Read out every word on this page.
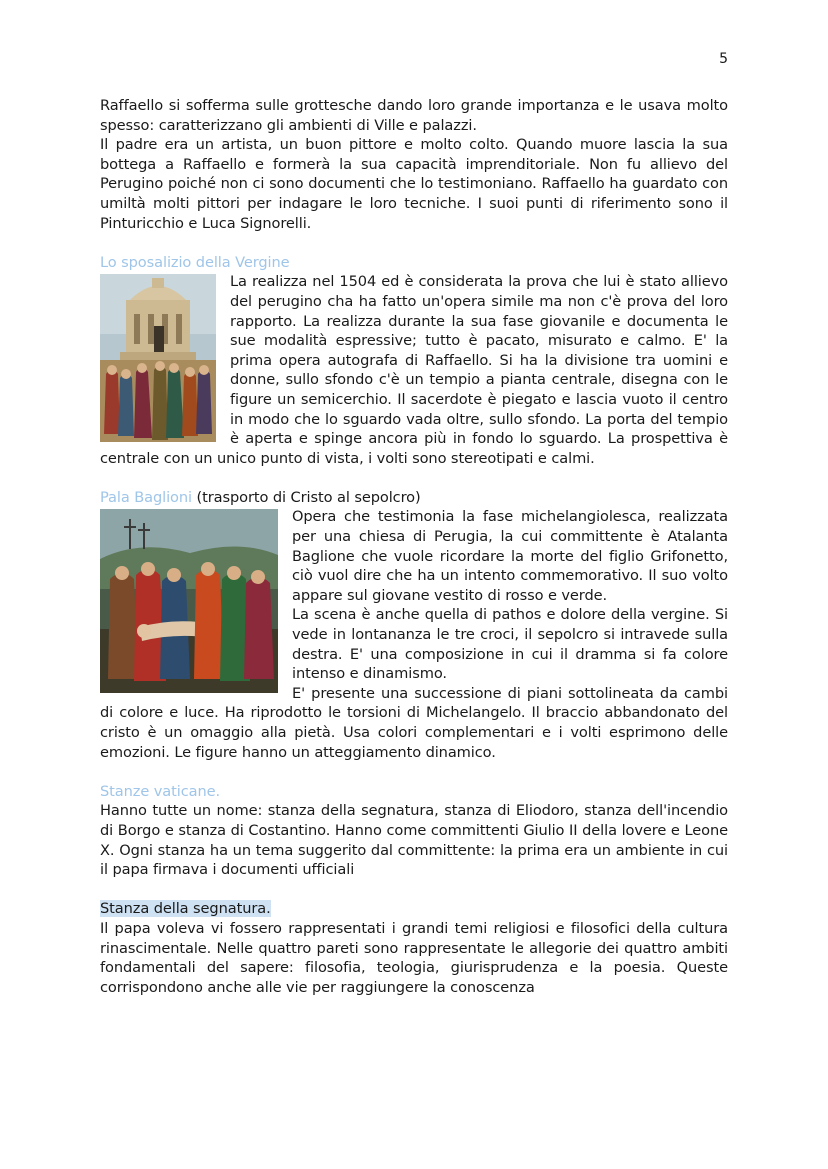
5

Raffaello si sofferma sulle grottesche dando loro grande importanza e le usava molto spesso: caratterizzano gli ambienti di Ville e palazzi.

Il padre era un artista, un buon pittore e molto colto. Quando muore lascia la sua bottega a Raffaello e formerà la sua capacità imprenditoriale. Non fu allievo del Perugino poiché non ci sono documenti che lo testimoniano. Raffaello ha guardato con umiltà molti pittori per indagare le loro tecniche. I suoi punti di riferimento sono il Pinturicchio e Luca Signorelli.

Lo sposalizio della Vergine

La realizza nel 1504 ed è considerata la prova che lui è stato allievo del perugino cha ha fatto un'opera simile ma non c'è prova del loro rapporto. La realizza durante la sua fase giovanile e documenta le sue modalità espressive; tutto è pacato, misurato e calmo. E' la prima opera autografa di Raffaello. Si ha la divisione tra uomini e donne, sullo sfondo c'è un tempio a pianta centrale, disegna con le figure un semicerchio. Il sacerdote è piegato e lascia vuoto il centro in modo che lo sguardo vada oltre, sullo sfondo. La porta del tempio è aperta e spinge ancora più in fondo lo sguardo. La prospettiva è centrale con un unico punto di vista, i volti sono stereotipati e calmi.

Pala Baglioni (trasporto di Cristo al sepolcro)

Opera che testimonia la fase michelangiolesca, realizzata per una chiesa di Perugia, la cui committente è Atalanta Baglione che vuole ricordare la morte del figlio Grifonetto, ciò vuol dire che ha un intento commemorativo. Il suo volto appare sul giovane vestito di rosso e verde.

La scena è anche quella di pathos e dolore della vergine. Si vede in lontananza le tre croci, il sepolcro si intravede sulla destra. E' una composizione in cui il dramma si fa colore intenso e dinamismo.

E' presente una successione di piani sottolineata da cambi di colore e luce. Ha riprodotto le torsioni di Michelangelo. Il braccio abbandonato del cristo è un omaggio alla pietà. Usa colori complementari e i volti esprimono delle emozioni. Le figure hanno un atteggiamento dinamico.

Stanze vaticane.

Hanno tutte un nome: stanza della segnatura, stanza di Eliodoro, stanza dell'incendio di Borgo e stanza di Costantino. Hanno come committenti Giulio II della lovere e Leone X. Ogni stanza ha un tema suggerito dal committente: la prima era un ambiente in cui il papa firmava i documenti ufficiali

Stanza della segnatura.

Il papa voleva vi fossero rappresentati i grandi temi religiosi e filosofici della cultura rinascimentale. Nelle quattro pareti sono rappresentate le allegorie dei quattro ambiti fondamentali del sapere: filosofia, teologia, giurisprudenza e la poesia. Queste corrispondono anche alle vie per raggiungere la conoscenza
